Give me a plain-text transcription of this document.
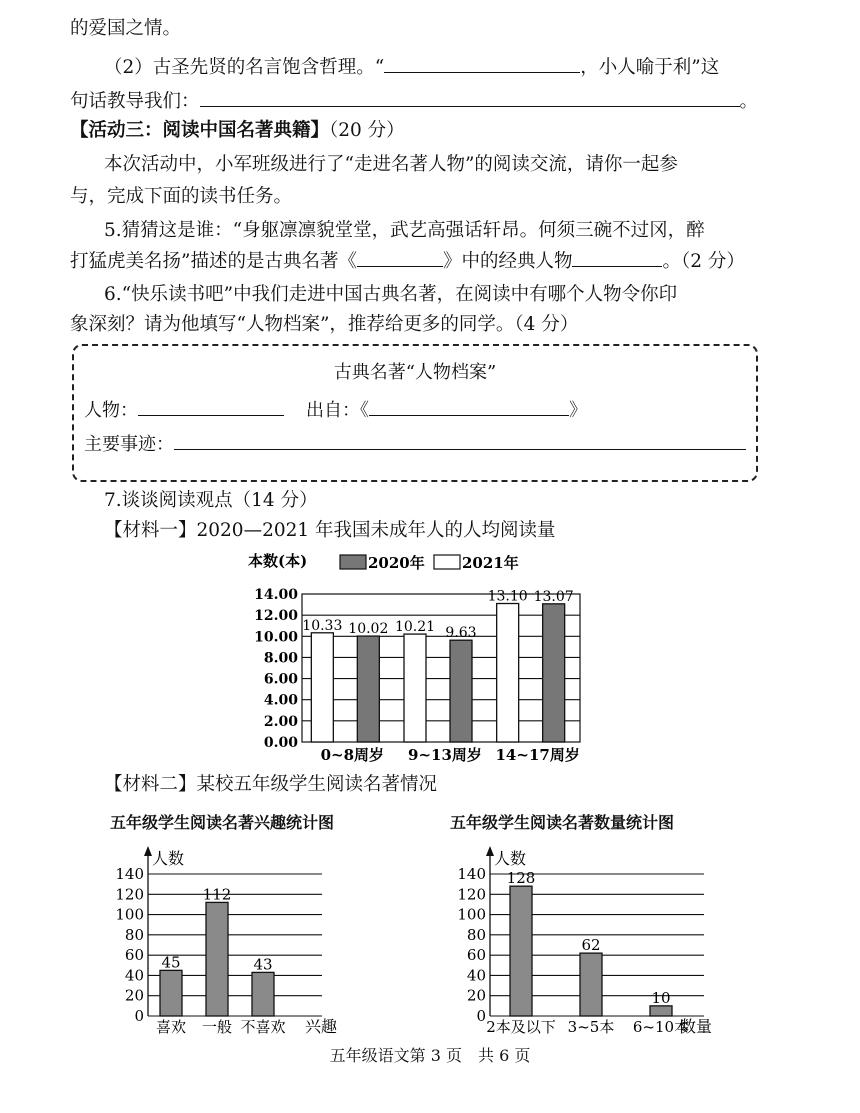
的爱国之情。
（2）古圣先贤的名言饱含哲理。“	，小人喻于利”这
句话教导我们：	。
【活动三：阅读中国名著典籍】（20 分）
本次活动中，小军班级进行了“走进名著人物”的阅读交流，请你一起参
与，完成下面的读书任务。
5.猜猜这是谁：“身躯凛凛貌堂堂，武艺高强话轩昂。何须三碗不过冈，醉
打猛虎美名扬”描述的是古典名著《	》中的经典人物	。（2 分）
6.“快乐读书吧”中我们走进中国古典名著，在阅读中有哪个人物令你印
象深刻？请为他填写“人物档案”，推荐给更多的同学。（4 分）
古典名著“人物档案”
人物：	出自：《	》
主要事迹：
7.谈谈阅读观点（14 分）
【材料一】2020—2021 年我国未成年人的人均阅读量
本数(本)	2020年 2021年
0.00
2.00
4.00
6.00
8.00
10.00
12.00
14.00
10.33 10.02 10.21 9.63
13.10 13.07
0~8周岁 9~13周岁 14~17周岁
【材料二】某校五年级学生阅读名著情况
五年级学生阅读名著兴趣统计图	五年级学生阅读名著数量统计图
0
20
40
60
80
100
120
140
45
喜欢
112
一般
43
不喜欢
人数
兴趣
0
20
40
60
80
100
120
140 128
2本及以下
62
3~5本
10
6~10本
人数
数量
五年级语文第 3 页　共 6 页
